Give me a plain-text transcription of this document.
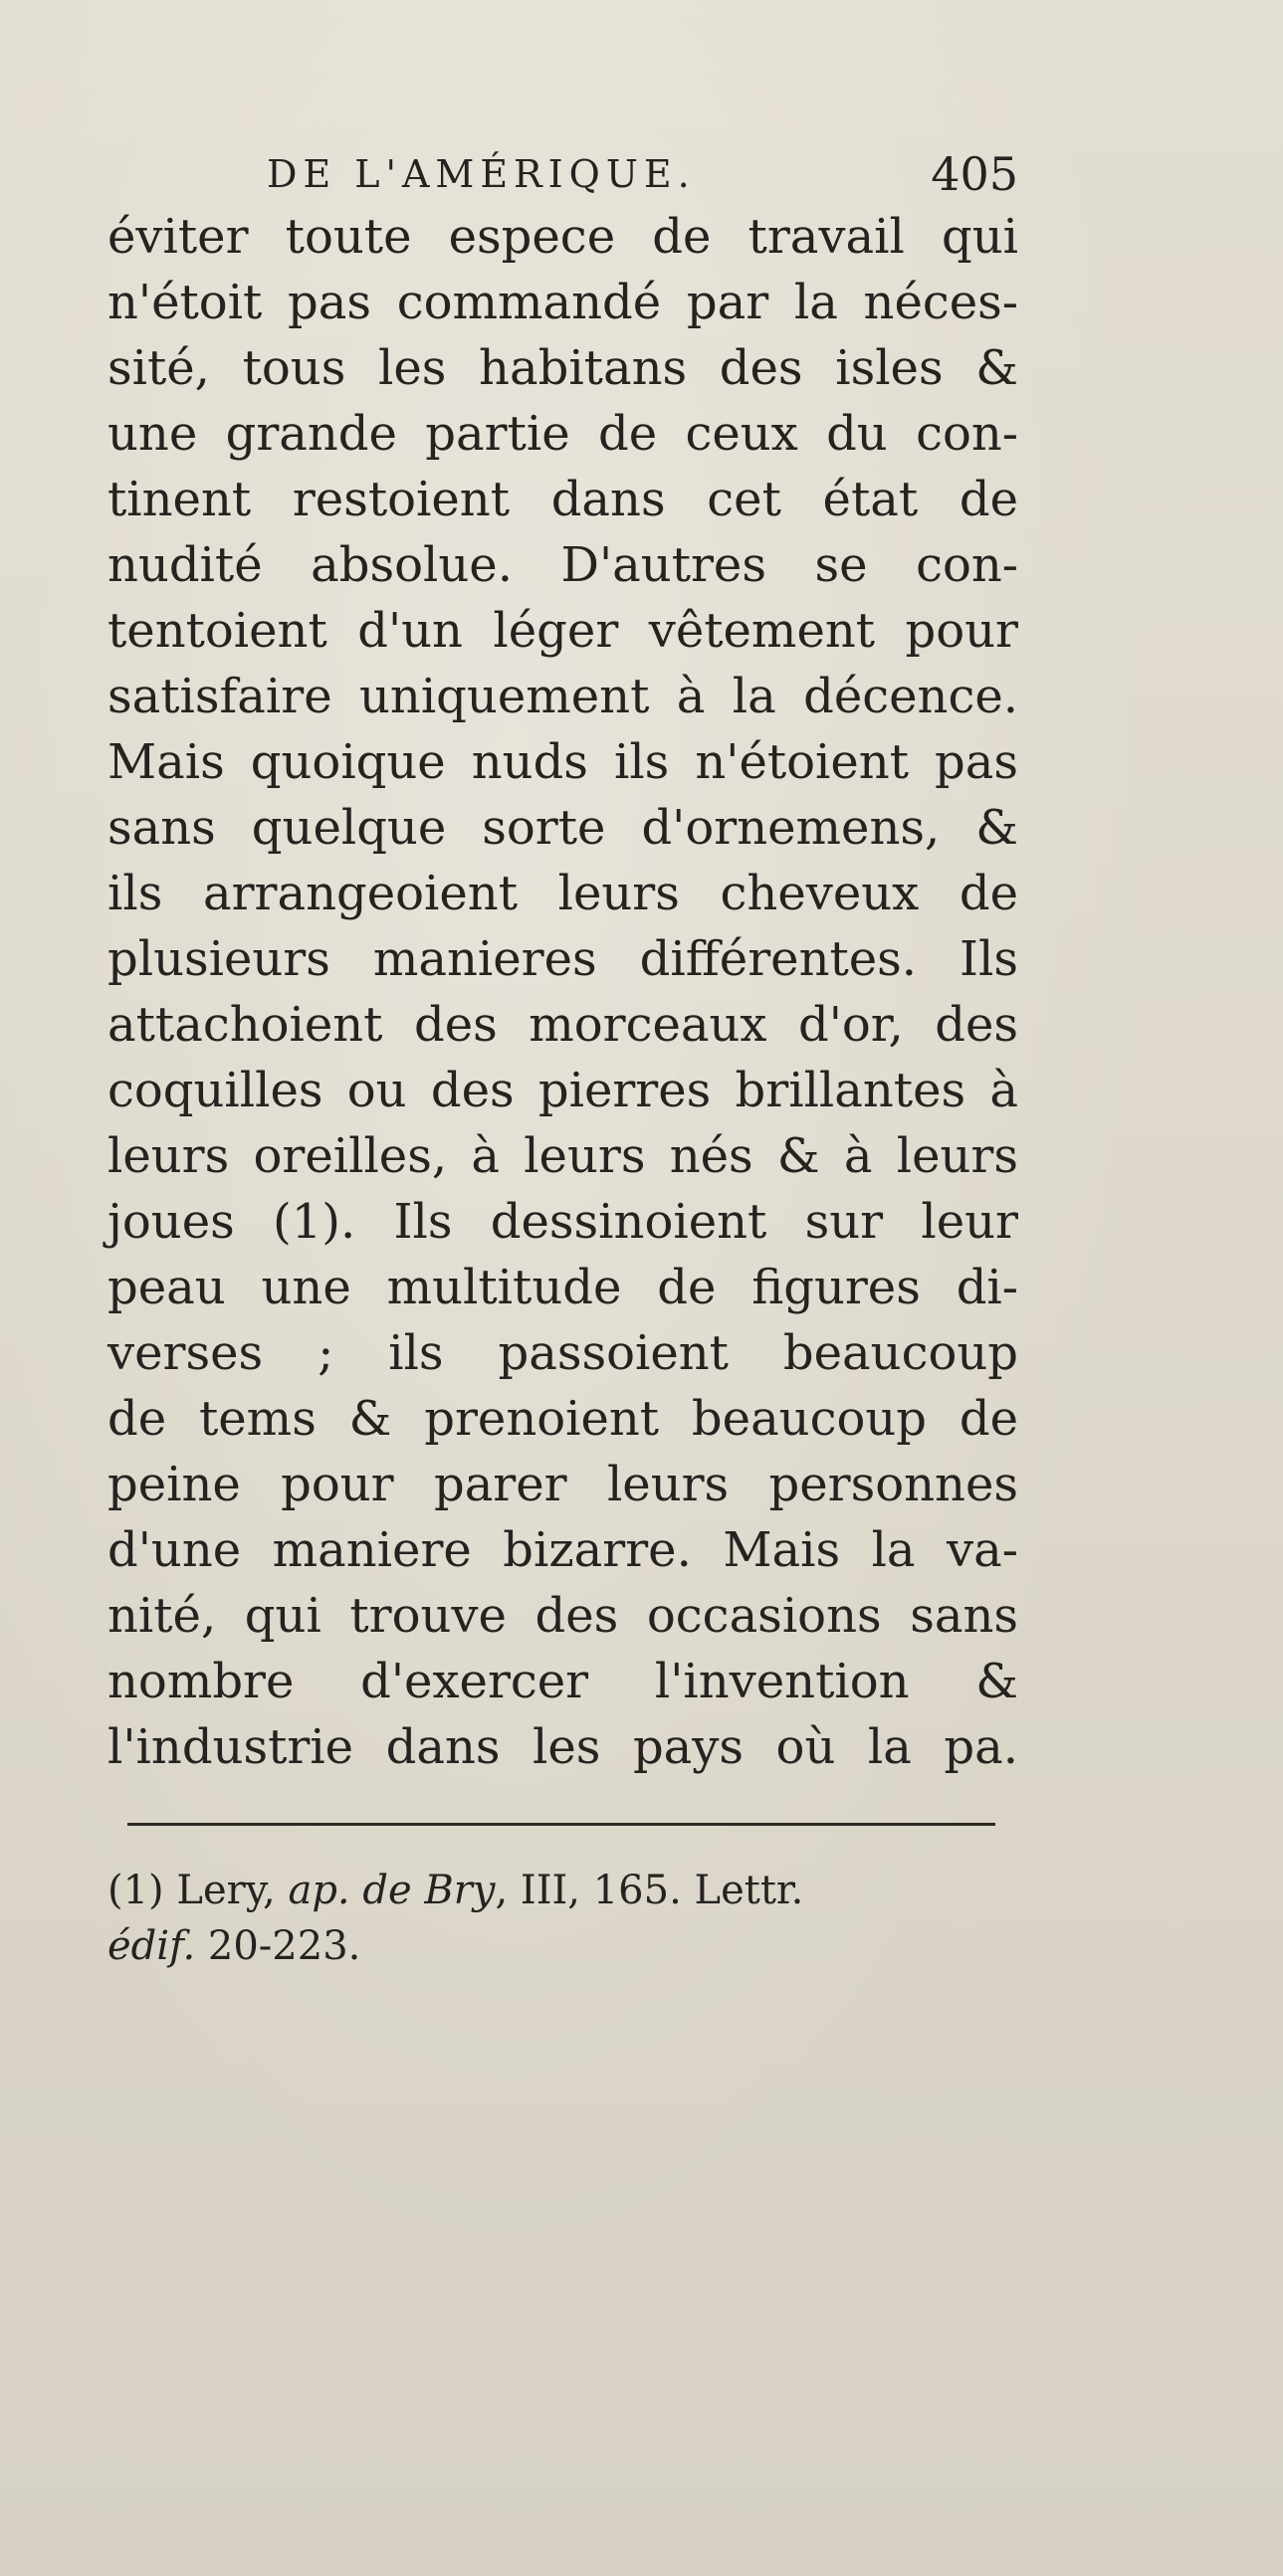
DE L'AMÉRIQUE.	405
éviter toute espece de travail qui
n'étoit pas commandé par la néces-
sité, tous les habitans des isles &
une grande partie de ceux du con-
tinent restoient dans cet état de
nudité absolue. D'autres se con-
tentoient d'un léger vêtement pour
satisfaire uniquement à la décence.
Mais quoique nuds ils n'étoient pas
sans quelque sorte d'ornemens, &
ils arrangeoient leurs cheveux de
plusieurs manieres différentes. Ils
attachoient des morceaux d'or, des
coquilles ou des pierres brillantes à
leurs oreilles, à leurs nés & à leurs
joues (1). Ils dessinoient sur leur
peau une multitude de figures di-
verses ; ils passoient beaucoup
de tems & prenoient beaucoup de
peine pour parer leurs personnes
d'une maniere bizarre. Mais la va-
nité, qui trouve des occasions sans
nombre d'exercer l'invention &
l'industrie dans les pays où la pa.
(1) Lery, ap. de Bry, III, 165. Lettr.
édif. 20-223.
